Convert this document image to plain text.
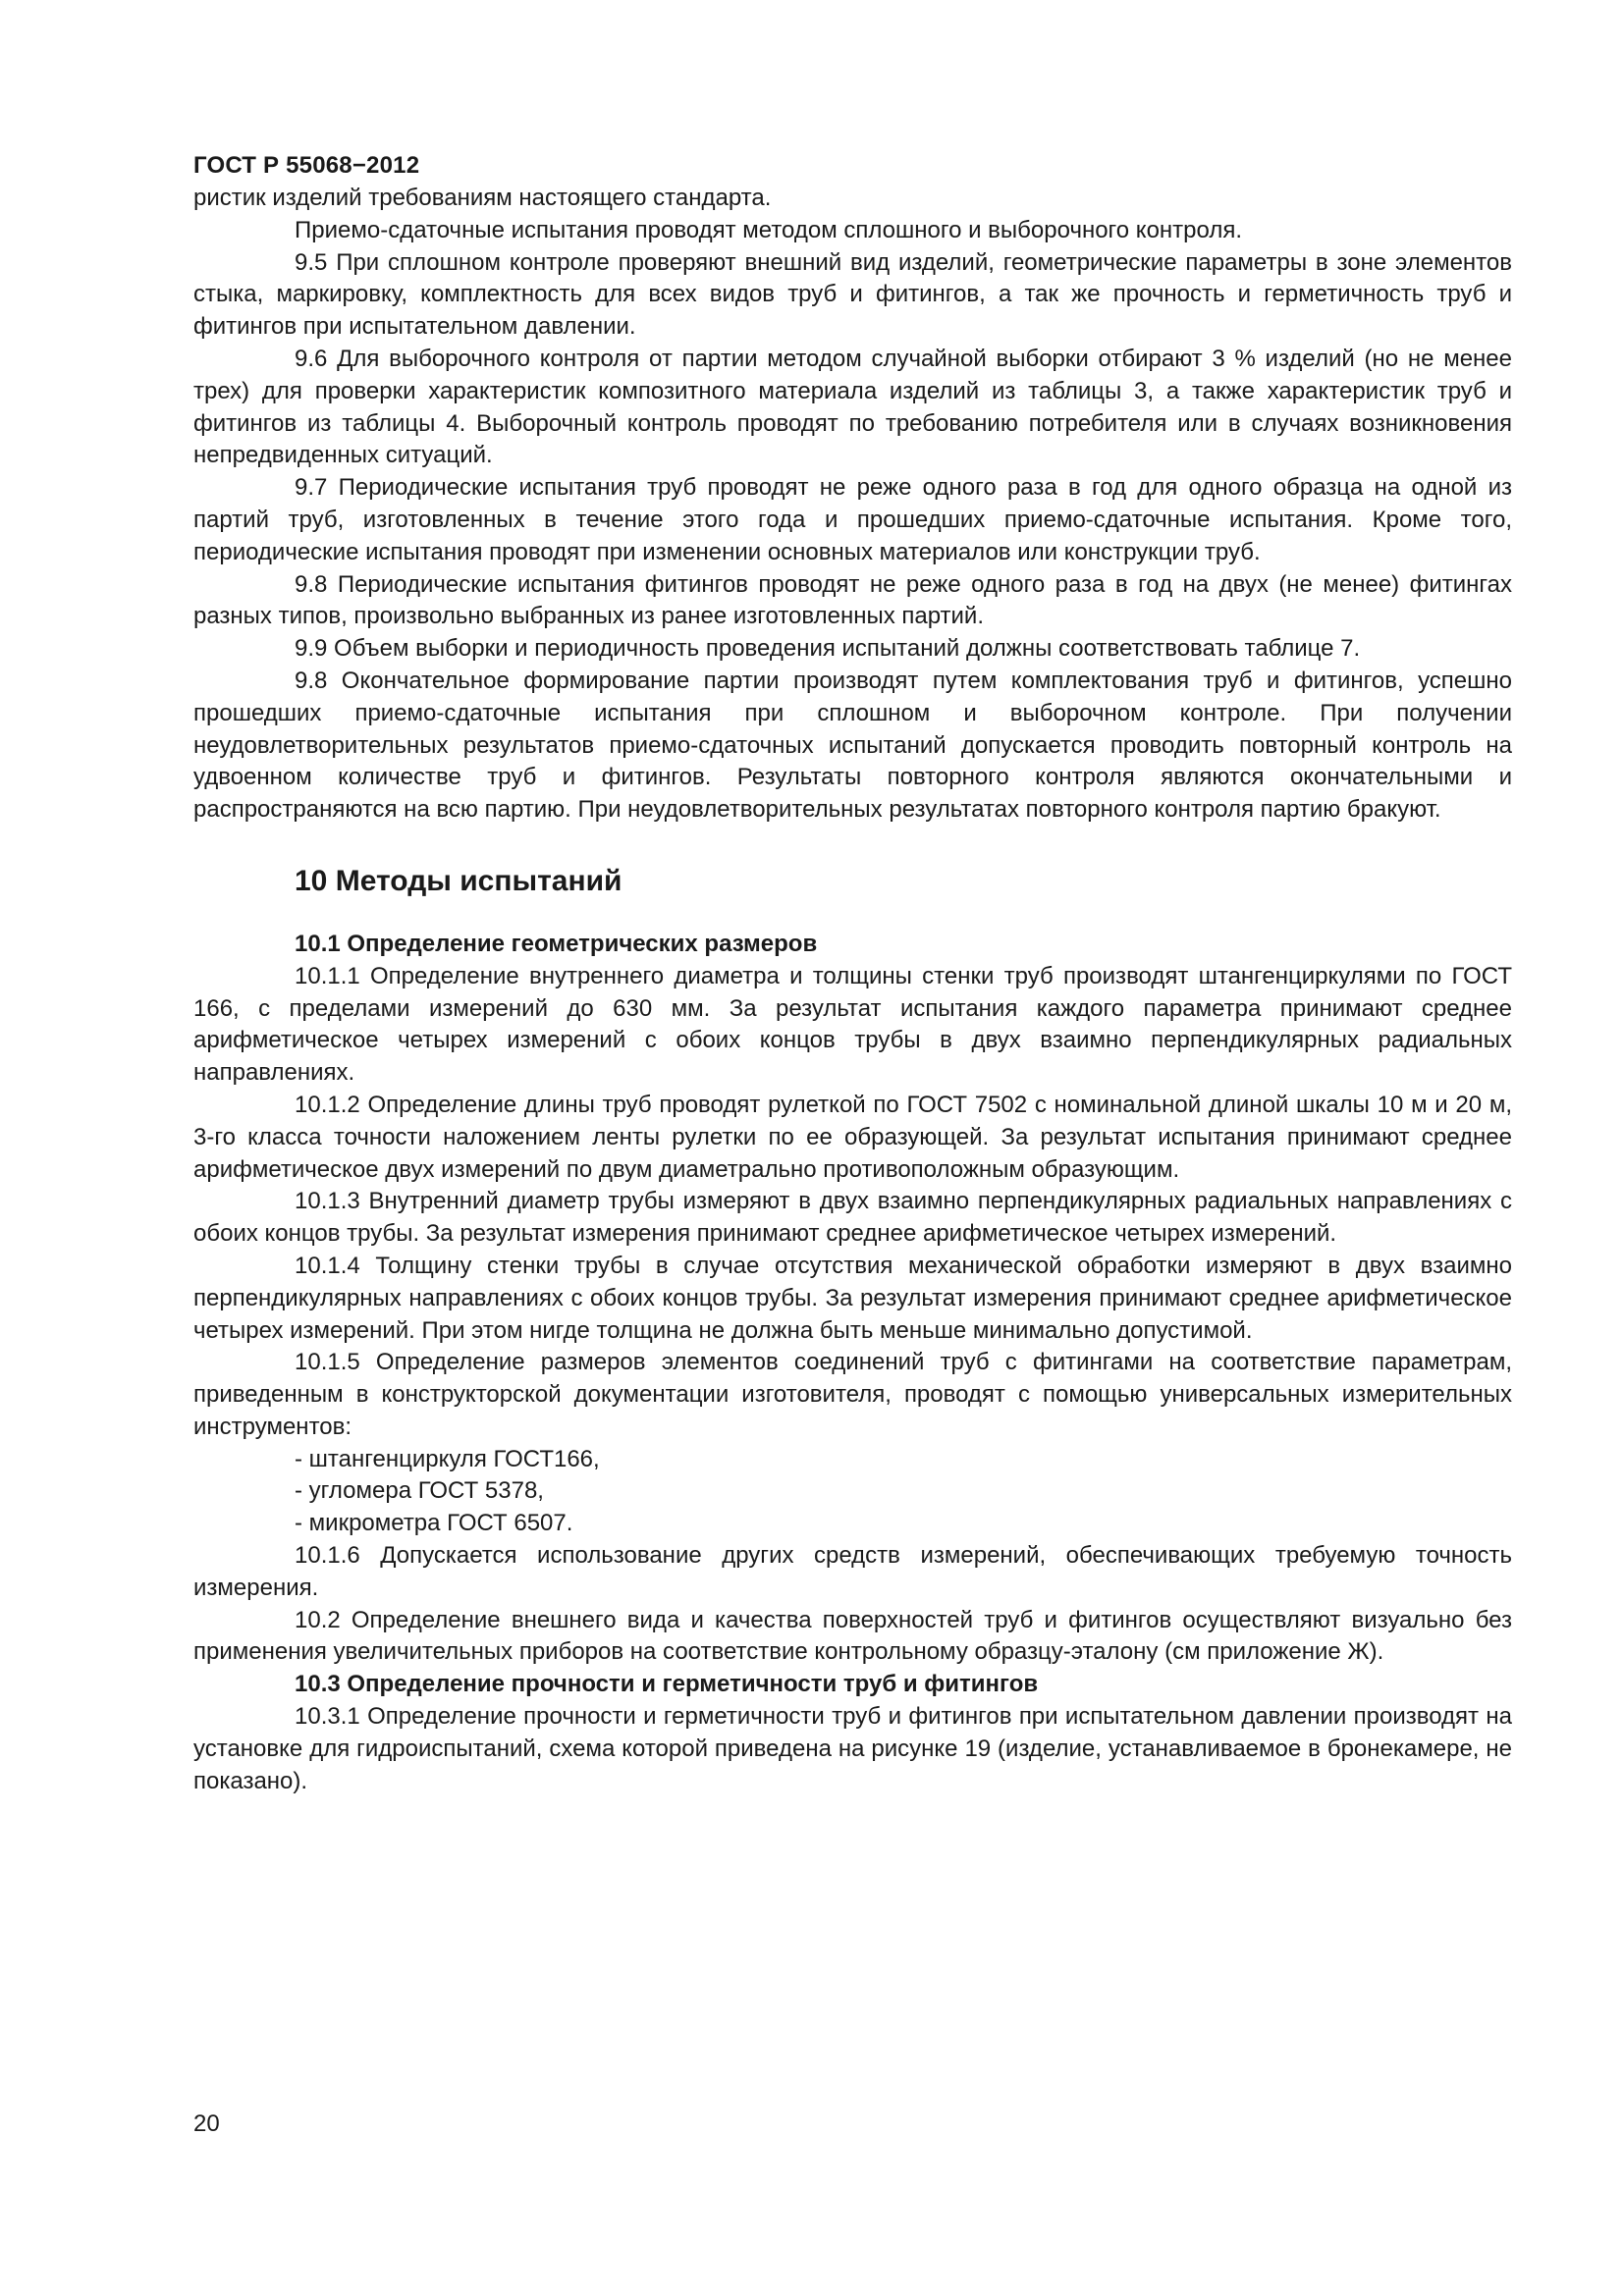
ГОСТ Р 55068−2012

ристик изделий требованиям настоящего стандарта.

Приемо-сдаточные испытания проводят методом сплошного и выборочного контроля.

9.5 При сплошном контроле проверяют внешний вид изделий, геометрические параметры в зоне элементов стыка, маркировку, комплектность для всех видов труб и фитингов, а так же прочность и герметичность труб и фитингов при испытательном давлении.

9.6 Для выборочного контроля от партии методом случайной выборки отбирают 3 % изделий (но не менее трех) для проверки характеристик композитного материала изделий из таблицы 3, а также характеристик труб и фитингов из таблицы 4. Выборочный контроль проводят по требованию потребителя или в случаях возникновения непредвиденных ситуаций.

9.7 Периодические испытания труб проводят не реже одного раза в год для одного образца на одной из партий труб, изготовленных в течение этого года и прошедших приемо-сдаточные испытания. Кроме того, периодические испытания проводят при изменении основных материалов или конструкции труб.

9.8 Периодические испытания фитингов проводят не реже одного раза в год на двух (не менее) фитингах разных типов, произвольно выбранных из ранее изготовленных партий.

9.9 Объем выборки и периодичность проведения испытаний должны соответствовать таблице 7.

9.8 Окончательное формирование партии производят путем комплектования труб и фитингов, успешно прошедших приемо-сдаточные испытания при сплошном и выборочном контроле. При получении неудовлетворительных результатов приемо-сдаточных испытаний допускается проводить повторный контроль на удвоенном количестве труб и фитингов. Результаты повторного контроля являются окончательными и распространяются на всю партию. При неудовлетворительных результатах повторного контроля партию бракуют.

10 Методы испытаний

10.1 Определение геометрических размеров

10.1.1 Определение внутреннего диаметра и толщины стенки труб производят штангенциркулями по ГОСТ 166, с пределами измерений до 630 мм. За результат испытания каждого параметра принимают среднее арифметическое четырех измерений с обоих концов трубы в двух взаимно перпендикулярных радиальных направлениях.

10.1.2 Определение длины труб проводят рулеткой по ГОСТ 7502 с номинальной длиной шкалы 10 м и 20 м, 3-го класса точности наложением ленты рулетки по ее образующей. За результат испытания принимают среднее арифметическое двух измерений по двум диаметрально противоположным образующим.

10.1.3 Внутренний диаметр трубы измеряют в двух взаимно перпендикулярных радиальных направлениях с обоих концов трубы. За результат измерения принимают среднее арифметическое четырех измерений.

10.1.4 Толщину стенки трубы в случае отсутствия механической обработки измеряют в двух взаимно перпендикулярных направлениях с обоих концов трубы. За результат измерения принимают среднее арифметическое четырех измерений. При этом нигде толщина не должна быть меньше минимально допустимой.

10.1.5 Определение размеров элементов соединений труб с фитингами на соответствие параметрам, приведенным в конструкторской документации изготовителя, проводят с помощью универсальных измерительных инструментов:

- штангенциркуля ГОСТ166,

- угломера ГОСТ 5378,

- микрометра ГОСТ 6507.

10.1.6 Допускается использование других средств измерений, обеспечивающих требуемую точность измерения.

10.2 Определение внешнего вида и качества поверхностей труб и фитингов осуществляют визуально без применения увеличительных приборов на соответствие контрольному образцу-эталону (см приложение Ж).

10.3 Определение прочности и герметичности труб и фитингов

10.3.1 Определение прочности и герметичности труб и фитингов при испытательном давлении производят на установке для гидроиспытаний, схема которой приведена на рисунке 19 (изделие, устанавливаемое в бронекамере, не показано).

20
